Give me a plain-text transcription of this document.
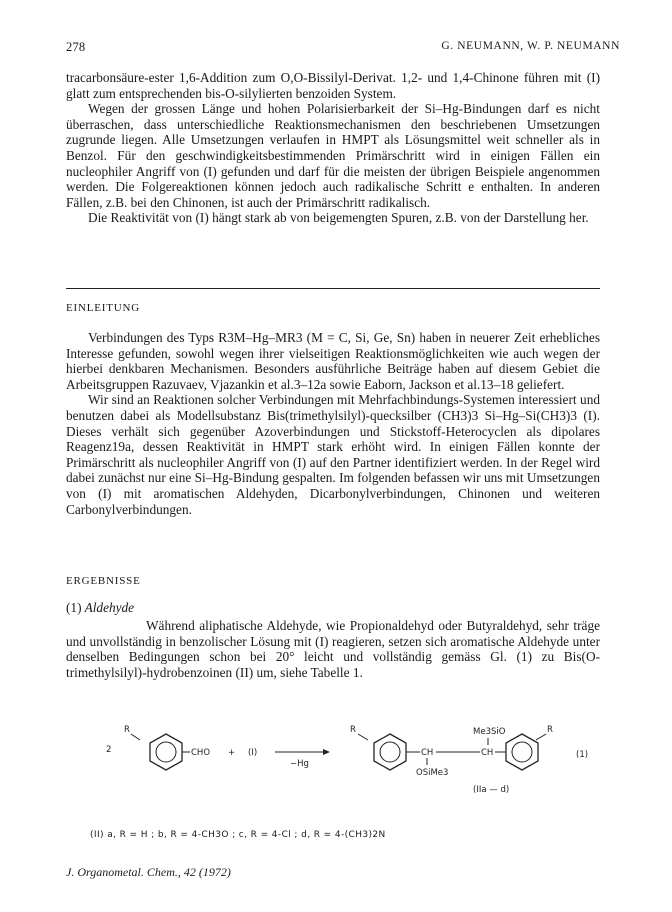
278	G. NEUMANN, W. P. NEUMANN

tracarbonsäure-ester 1,6-Addition zum O,O-Bissilyl-Derivat. 1,2- und 1,4-Chinone führen mit (I) glatt zum entsprechenden bis-O-silylierten benzoiden System.

Wegen der grossen Länge und hohen Polarisierbarkeit der Si–Hg-Bindungen darf es nicht überraschen, dass unterschiedliche Reaktionsmechanismen den beschriebenen Umsetzungen zugrunde liegen. Alle Umsetzungen verlaufen in HMPT als Lösungsmittel weit schneller als in Benzol. Für den geschwindigkeitsbestimmenden Primärschritt wird in einigen Fällen ein nucleophiler Angriff von (I) gefunden und darf für die meisten der übrigen Beispiele angenommen werden. Die Folgereaktionen können jedoch auch radikalische Schritt e enthalten. In anderen Fällen, z.B. bei den Chinonen, ist auch der Primärschritt radikalisch.

Die Reaktivität von (I) hängt stark ab von beigemengten Spuren, z.B. von der Darstellung her.

EINLEITUNG

Verbindungen des Typs R3M–Hg–MR3 (M = C, Si, Ge, Sn) haben in neuerer Zeit erhebliches Interesse gefunden, sowohl wegen ihrer vielseitigen Reaktionsmöglichkeiten wie auch wegen der hierbei denkbaren Mechanismen. Besonders ausführliche Beiträge haben auf diesem Gebiet die Arbeitsgruppen Razuvaev, Vjazankin et al.3–12a sowie Eaborn, Jackson et al.13–18 geliefert.

Wir sind an Reaktionen solcher Verbindungen mit Mehrfachbindungs-Systemen interessiert und benutzen dabei als Modellsubstanz Bis(trimethylsilyl)-quecksilber (CH3)3 Si–Hg–Si(CH3)3 (I). Dieses verhält sich gegenüber Azoverbindungen und Stickstoff-Heterocyclen als dipolares Reagenz19a, dessen Reaktivität in HMPT stark erhöht wird. In einigen Fällen konnte der Primärschritt als nucleophiler Angriff von (I) auf den Partner identifiziert werden. In der Regel wird dabei zunächst nur eine Si–Hg-Bindung gespalten. Im folgenden befassen wir uns mit Umsetzungen von (I) mit aromatischen Aldehyden, Dicarbonylverbindungen, Chinonen und weiteren Carbonylverbindungen.

ERGEBNISSE
(1) Aldehyde

Während aliphatische Aldehyde, wie Propionaldehyd oder Butyraldehyd, sehr träge und unvollständig in benzolischer Lösung mit (I) reagieren, setzen sich aromatische Aldehyde unter denselben Bedingungen schon bei 20° leicht und vollständig gemäss Gl. (1) zu Bis(O-trimethylsilyl)-hydrobenzoinen (II) um, siehe Tabelle 1.

2
R
CHO + (I)
−Hg
R
CH	CH
Me3SiO
OSiMe3
R
(1)
(IIa — d)
(II) a, R = H ; b, R = 4-CH3O ; c, R = 4-Cl ; d, R = 4-(CH3)2N
J. Organometal. Chem., 42 (1972)
